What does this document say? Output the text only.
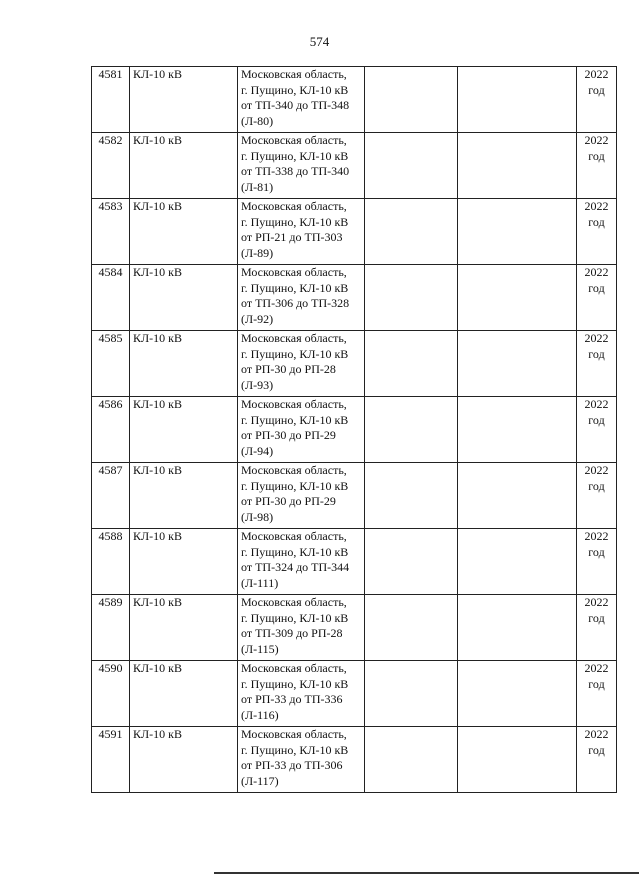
574
4581	КЛ-10 кВ	Московская область,
г. Пущино, КЛ-10 кВ
от ТП-340 до ТП-348
(Л-80)			2022
год

4582	КЛ-10 кВ	Московская область,
г. Пущино, КЛ-10 кВ
от ТП-338 до ТП-340
(Л-81)			2022
год

4583	КЛ-10 кВ	Московская область,
г. Пущино, КЛ-10 кВ
от РП-21 до ТП-303
(Л-89)			2022
год

4584	КЛ-10 кВ	Московская область,
г. Пущино, КЛ-10 кВ
от ТП-306 до ТП-328
(Л-92)			2022
год

4585	КЛ-10 кВ	Московская область,
г. Пущино, КЛ-10 кВ
от РП-30 до РП-28
(Л-93)			2022
год

4586	КЛ-10 кВ	Московская область,
г. Пущино, КЛ-10 кВ
от РП-30 до РП-29
(Л-94)			2022
год

4587	КЛ-10 кВ	Московская область,
г. Пущино, КЛ-10 кВ
от РП-30 до РП-29
(Л-98)			2022
год

4588	КЛ-10 кВ	Московская область,
г. Пущино, КЛ-10 кВ
от ТП-324 до ТП-344
(Л-111)			2022
год

4589	КЛ-10 кВ	Московская область,
г. Пущино, КЛ-10 кВ
от ТП-309 до РП-28
(Л-115)			2022
год

4590	КЛ-10 кВ	Московская область,
г. Пущино, КЛ-10 кВ
от РП-33 до ТП-336
(Л-116)			2022
год

4591	КЛ-10 кВ	Московская область,
г. Пущино, КЛ-10 кВ
от РП-33 до ТП-306
(Л-117)			2022
год
